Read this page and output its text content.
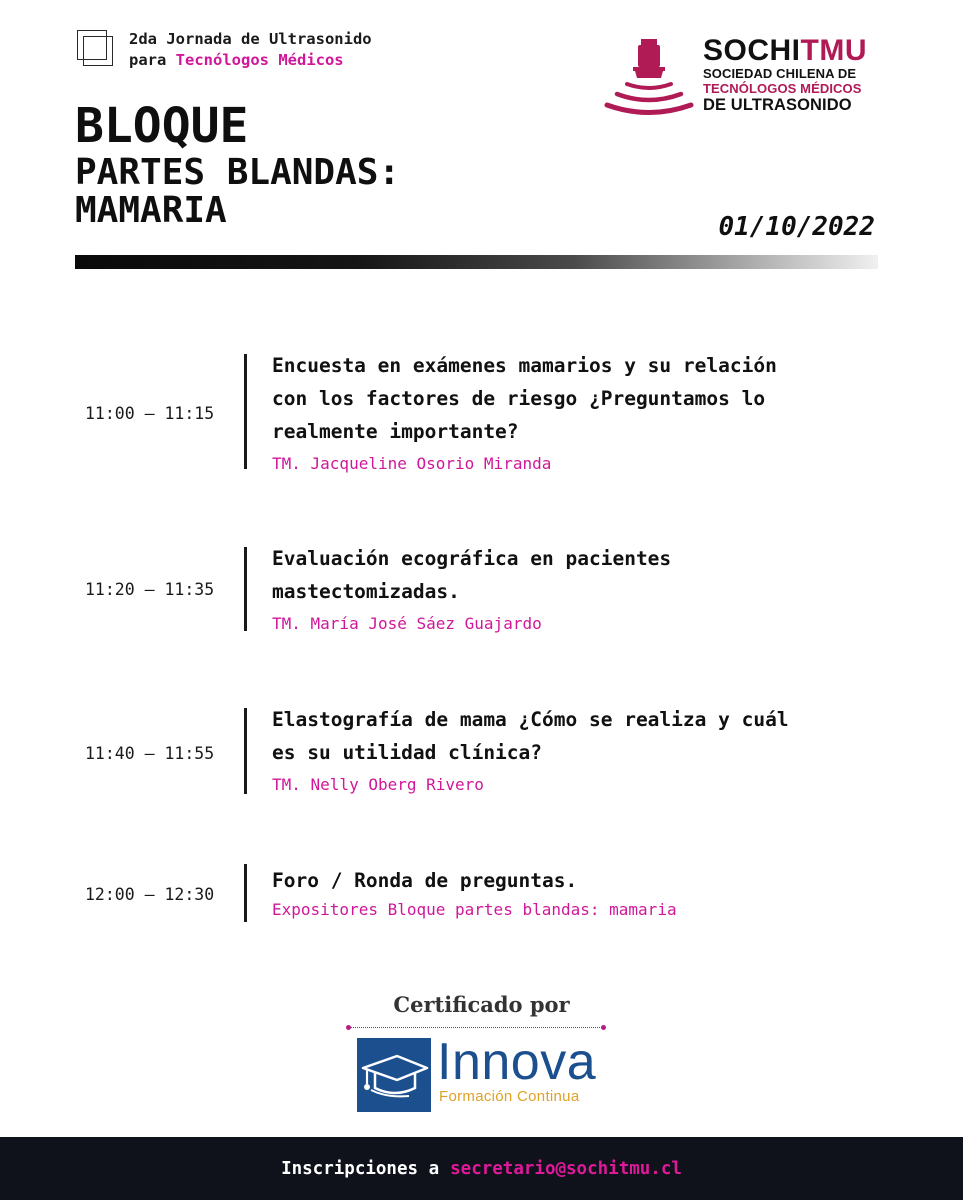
2da Jornada de Ultrasonido
para Tecnólogos Médicos	SOCHITMU
SOCIEDAD CHILENA DE
TECNÓLOGOS MÉDICOS
DE ULTRASONIDO
BLOQUE
PARTES BLANDAS:
MAMARIA	01/10/2022
11:00 – 11:15
Encuesta en exámenes mamarios y su relación
con los factores de riesgo ¿Preguntamos lo
realmente importante?
TM. Jacqueline Osorio Miranda
11:20 – 11:35
Evaluación ecográfica en pacientes
mastectomizadas.
TM. María José Sáez Guajardo
11:40 – 11:55
Elastografía de mama ¿Cómo se realiza y cuál
es su utilidad clínica?
TM. Nelly Oberg Rivero
12:00 – 12:30
Foro / Ronda de preguntas.
Expositores Bloque partes blandas: mamaria
Certificado por
Innova
Formación Continua
Inscripciones a secretario@sochitmu.cl
